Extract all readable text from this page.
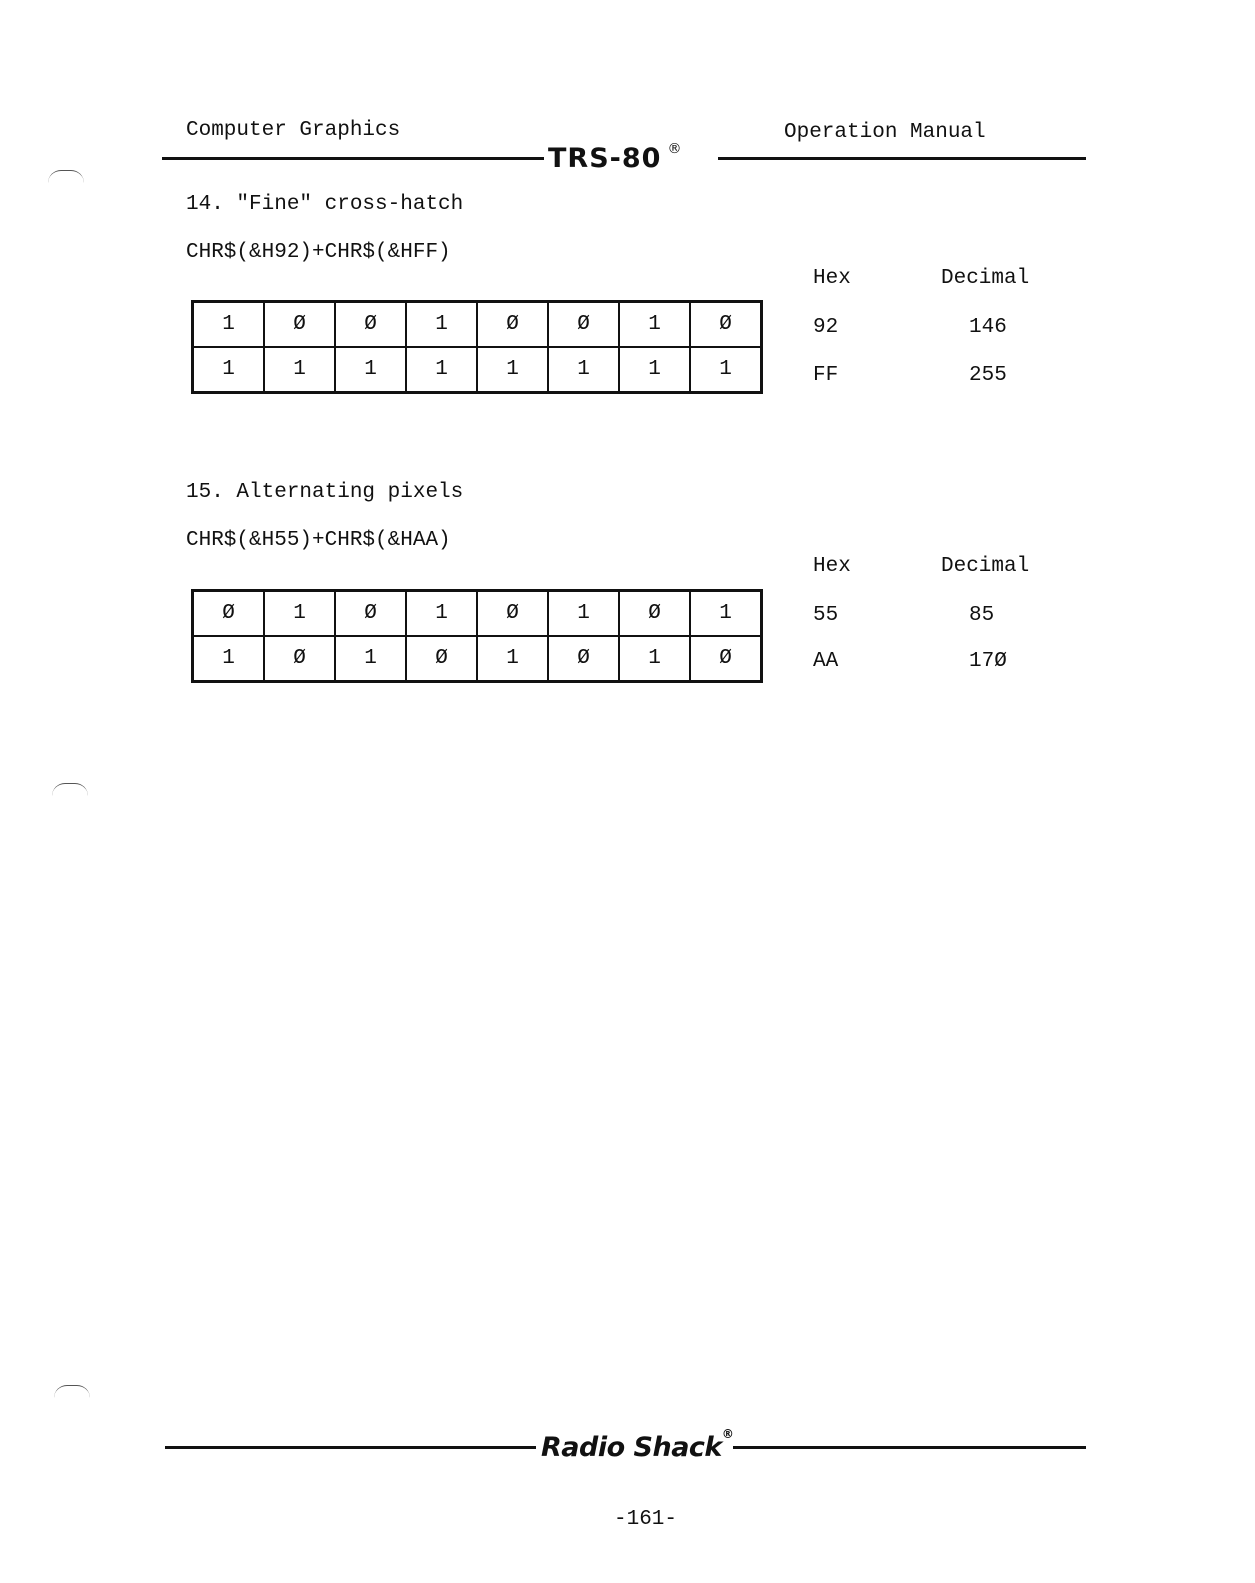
Computer Graphics	Operation Manual
TRS-80 ®
14. "Fine" cross-hatch
CHR$(&H92)+CHR$(&HFF)
Hex	Decimal
1	Ø	Ø	1	Ø	Ø	1	Ø
1	1	1	1	1	1	1	1
92	146
FF	255
15. Alternating pixels
CHR$(&H55)+CHR$(&HAA)
Hex	Decimal
Ø	1	Ø	1	Ø	1	Ø	1
1	Ø	1	Ø	1	Ø	1	Ø
55	85
AA	17Ø
Radio Shack®
-161-
